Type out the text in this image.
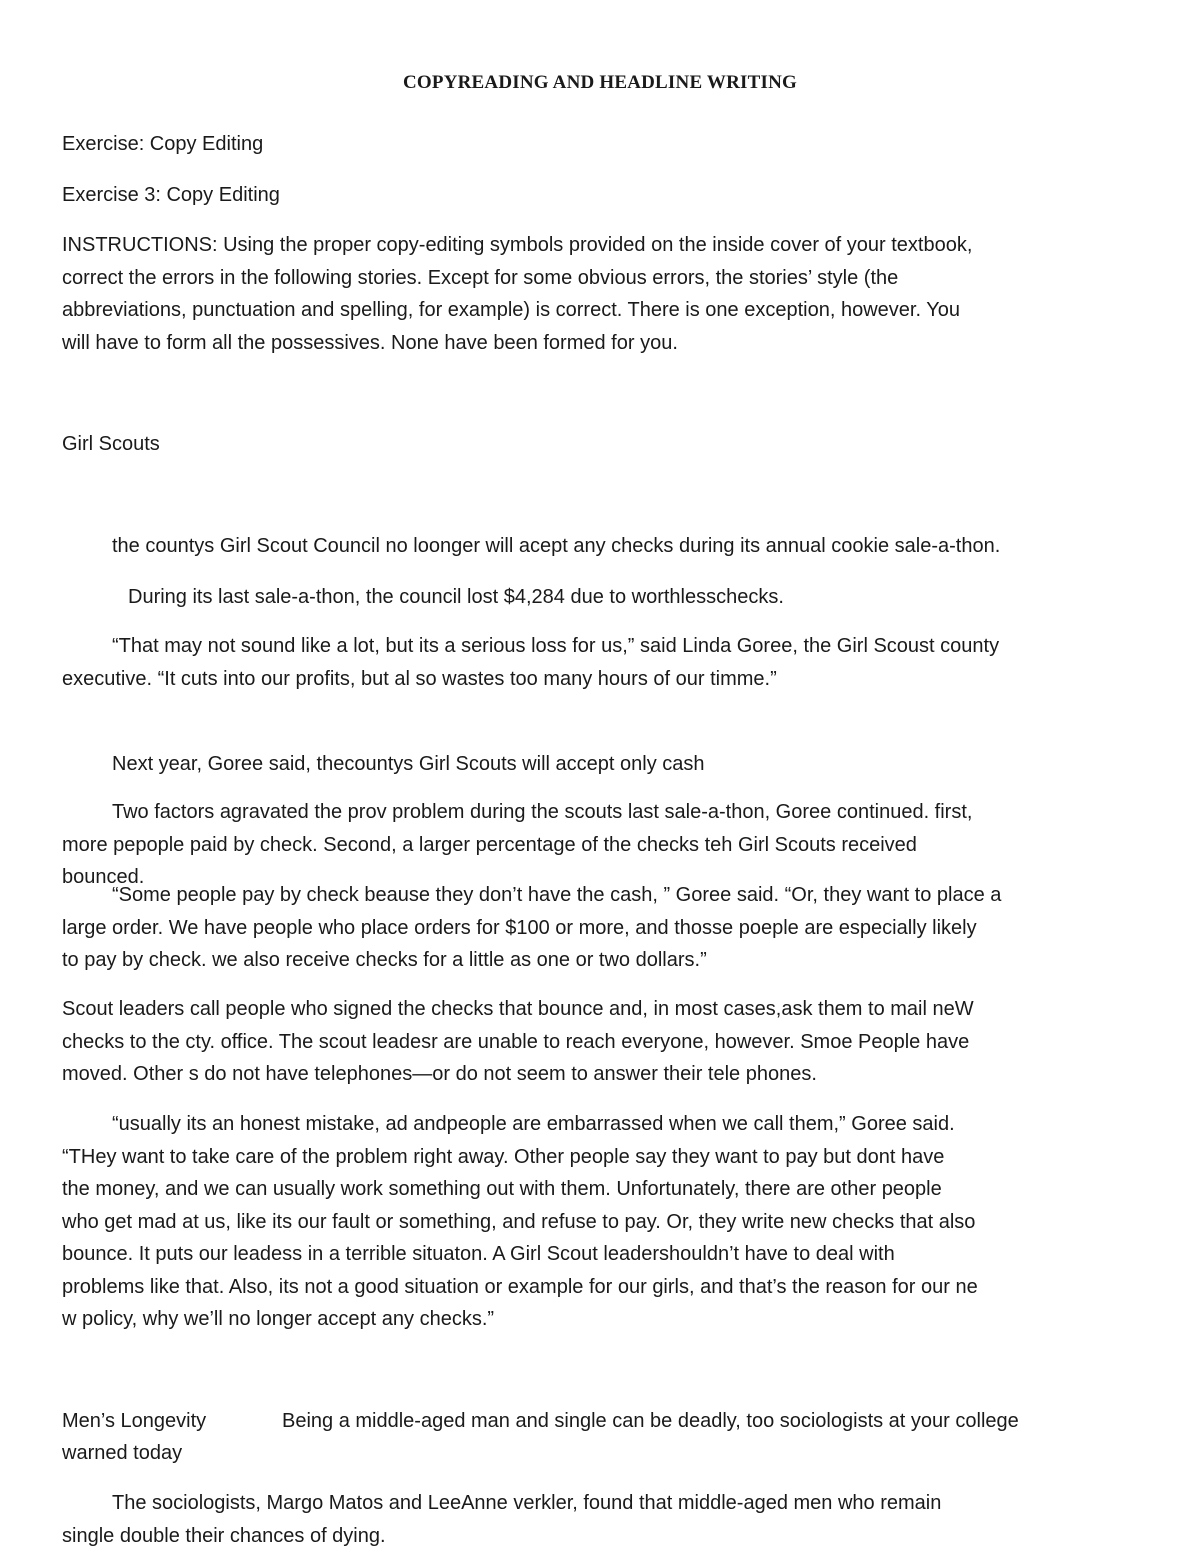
COPYREADING AND HEADLINE WRITING

Exercise: Copy Editing

Exercise 3: Copy Editing

INSTRUCTIONS: Using the proper copy-editing symbols provided on the inside cover of your textbook,
correct the errors in the following stories. Except for some obvious errors, the stories’ style (the
abbreviations, punctuation and spelling, for example) is correct. There is one exception, however. You
will have to form all the possessives. None have been formed for you.

Girl Scouts

the countys Girl Scout Council no loonger will acept any checks during its annual cookie sale-a-thon.
During its last sale-a-thon, the council lost $4,284 due to worthlesschecks.
“That may not sound like a lot, but its a serious loss for us,” said Linda Goree, the Girl Scoust county
executive. “It cuts into our profits, but al so wastes too many hours of our timme.”
Next year, Goree said, thecountys Girl Scouts will accept only cash
Two factors agravated the prov problem during the scouts last sale-a-thon, Goree continued. first,
more pepople paid by check. Second, a larger percentage of the checks teh Girl Scouts received
bounced.
“Some people pay by check beause they don’t have the cash, ” Goree said. “Or, they want to place a
large order. We have people who place orders for $100 or more, and thosse poeple are especially likely
to pay by check. we also receive checks for a little as one or two dollars.”
Scout leaders call people who signed the checks that bounce and, in most cases,ask them to mail neW
checks to the cty. office. The scout leadesr are unable to reach everyone, however. Smoe People have
moved. Other s do not have telephones—or do not seem to answer their tele phones.
“usually its an honest mistake, ad andpeople are embarrassed when we call them,” Goree said.
“THey want to take care of the problem right away. Other people say they want to pay but dont have
the money, and we can usually work something out with them. Unfortunately, there are other people
who get mad at us, like its our fault or something, and refuse to pay. Or, they write new checks that also
bounce. It puts our leadess in a terrible situaton. A Girl Scout leadershouldn’t have to deal with
problems like that. Also, its not a good situation or example for our girls, and that’s the reason for our ne
w policy, why we’ll no longer accept any checks.”
Men’s Longevity	Being a middle-aged man and single can be deadly, too sociologists at your college
warned today
The sociologists, Margo Matos and LeeAnne verkler, found that middle-aged men who remain
single double their chances of dying.
